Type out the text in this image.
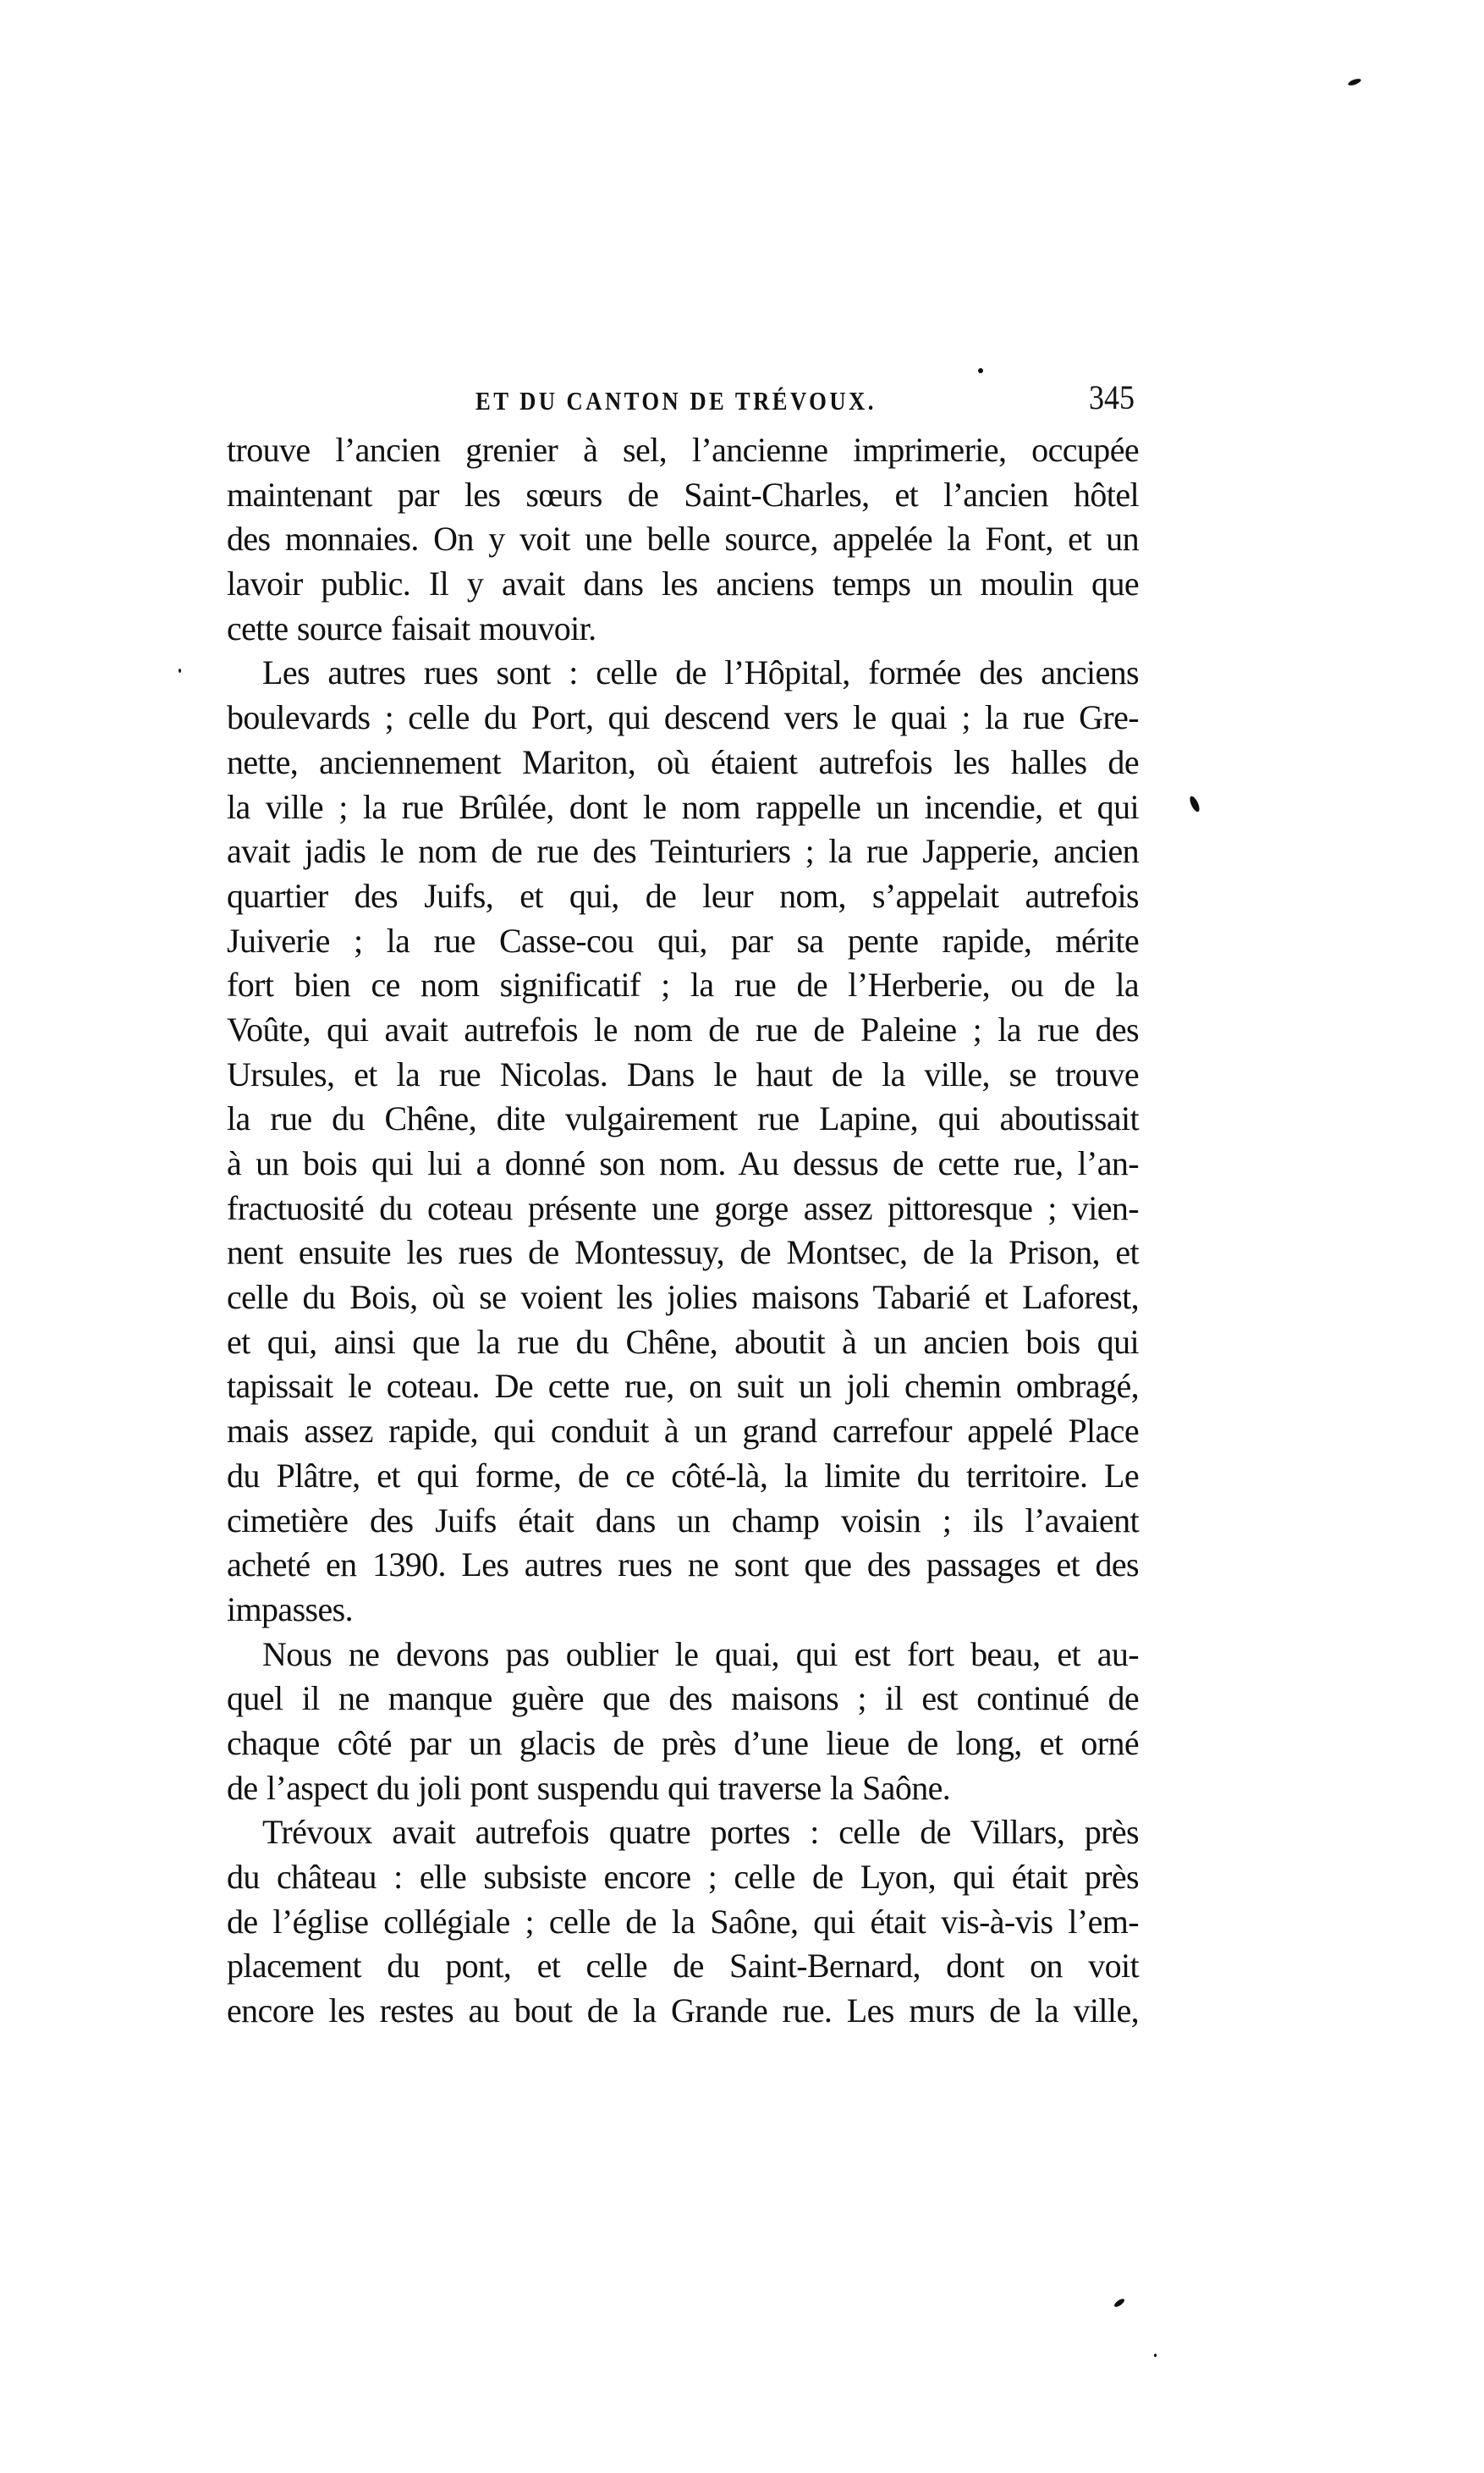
ET DU CANTON DE TRÉVOUX.	345
trouve l’ancien grenier à sel, l’ancienne imprimerie, occupée
maintenant par les sœurs de Saint-Charles, et l’ancien hôtel
des monnaies. On y voit une belle source, appelée la Font, et un
lavoir public. Il y avait dans les anciens temps un moulin que
cette source faisait mouvoir.
Les autres rues sont : celle de l’Hôpital, formée des anciens
boulevards ; celle du Port, qui descend vers le quai ; la rue Gre-
nette, anciennement Mariton, où étaient autrefois les halles de
la ville ; la rue Brûlée, dont le nom rappelle un incendie, et qui
avait jadis le nom de rue des Teinturiers ; la rue Japperie, ancien
quartier des Juifs, et qui, de leur nom, s’appelait autrefois
Juiverie ; la rue Casse-cou qui, par sa pente rapide, mérite
fort bien ce nom significatif ; la rue de l’Herberie, ou de la
Voûte, qui avait autrefois le nom de rue de Paleine ; la rue des
Ursules, et la rue Nicolas. Dans le haut de la ville, se trouve
la rue du Chêne, dite vulgairement rue Lapine, qui aboutissait
à un bois qui lui a donné son nom. Au dessus de cette rue, l’an-
fractuosité du coteau présente une gorge assez pittoresque ; vien-
nent ensuite les rues de Montessuy, de Montsec, de la Prison, et
celle du Bois, où se voient les jolies maisons Tabarié et Laforest,
et qui, ainsi que la rue du Chêne, aboutit à un ancien bois qui
tapissait le coteau. De cette rue, on suit un joli chemin ombragé,
mais assez rapide, qui conduit à un grand carrefour appelé Place
du Plâtre, et qui forme, de ce côté-là, la limite du territoire. Le
cimetière des Juifs était dans un champ voisin ; ils l’avaient
acheté en 1390. Les autres rues ne sont que des passages et des
impasses.
Nous ne devons pas oublier le quai, qui est fort beau, et au-
quel il ne manque guère que des maisons ; il est continué de
chaque côté par un glacis de près d’une lieue de long, et orné
de l’aspect du joli pont suspendu qui traverse la Saône.
Trévoux avait autrefois quatre portes : celle de Villars, près
du château : elle subsiste encore ; celle de Lyon, qui était près
de l’église collégiale ; celle de la Saône, qui était vis-à-vis l’em-
placement du pont, et celle de Saint-Bernard, dont on voit
encore les restes au bout de la Grande rue. Les murs de la ville,
